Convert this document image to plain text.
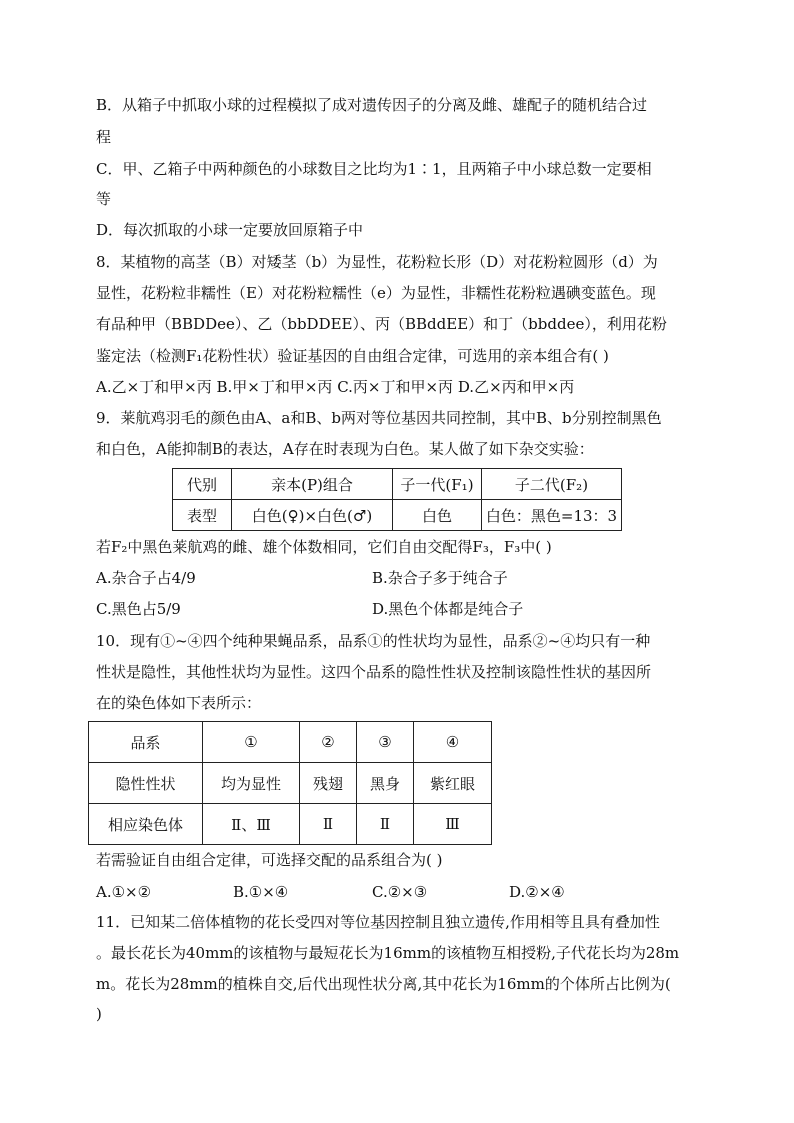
B．从箱子中抓取小球的过程模拟了成对遗传因子的分离及雌、雄配子的随机结合过
程
C．甲、乙箱子中两种颜色的小球数目之比均为1∶1，且两箱子中小球总数一定要相
等
D．每次抓取的小球一定要放回原箱子中
8．某植物的高茎（B）对矮茎（b）为显性，花粉粒长形（D）对花粉粒圆形（d）为
显性，花粉粒非糯性（E）对花粉粒糯性（e）为显性，非糯性花粉粒遇碘变蓝色。现
有品种甲（BBDDee）、乙（bbDDEE）、丙（BBddEE）和丁（bbddee），利用花粉
鉴定法（检测F₁花粉性状）验证基因的自由组合定律，可选用的亲本组合有( )
A.乙×丁和甲×丙 B.甲×丁和甲×丙 C.丙×丁和甲×丙 D.乙×丙和甲×丙
9．莱航鸡羽毛的颜色由A、a和B、b两对等位基因共同控制，其中B、b分别控制黑色
和白色，A能抑制B的表达，A存在时表现为白色。某人做了如下杂交实验：
代别	亲本(P)组合	子一代(F₁)	子二代(F₂)
表型	白色(♀)×白色(♂)	白色	白色：黑色=13：3
若F₂中黑色莱航鸡的雌、雄个体数相同，它们自由交配得F₃，F₃中( )
A.杂合子占4/9	B.杂合子多于纯合子
C.黑色占5/9	D.黑色个体都是纯合子
10．现有①~④四个纯种果蝇品系，品系①的性状均为显性，品系②~④均只有一种
性状是隐性，其他性状均为显性。这四个品系的隐性性状及控制该隐性性状的基因所
在的染色体如下表所示：
品系	①	②	③	④
隐性性状	均为显性	残翅	黑身	紫红眼
相应染色体	Ⅱ、Ⅲ	Ⅱ	Ⅱ	Ⅲ
若需验证自由组合定律，可选择交配的品系组合为( )
A.①×②	B.①×④	C.②×③	D.②×④
11．已知某二倍体植物的花长受四对等位基因控制且独立遗传,作用相等且具有叠加性
。最长花长为40mm的该植物与最短花长为16mm的该植物互相授粉,子代花长均为28m
m。花长为28mm的植株自交,后代出现性状分离,其中花长为16mm的个体所占比例为(
)
